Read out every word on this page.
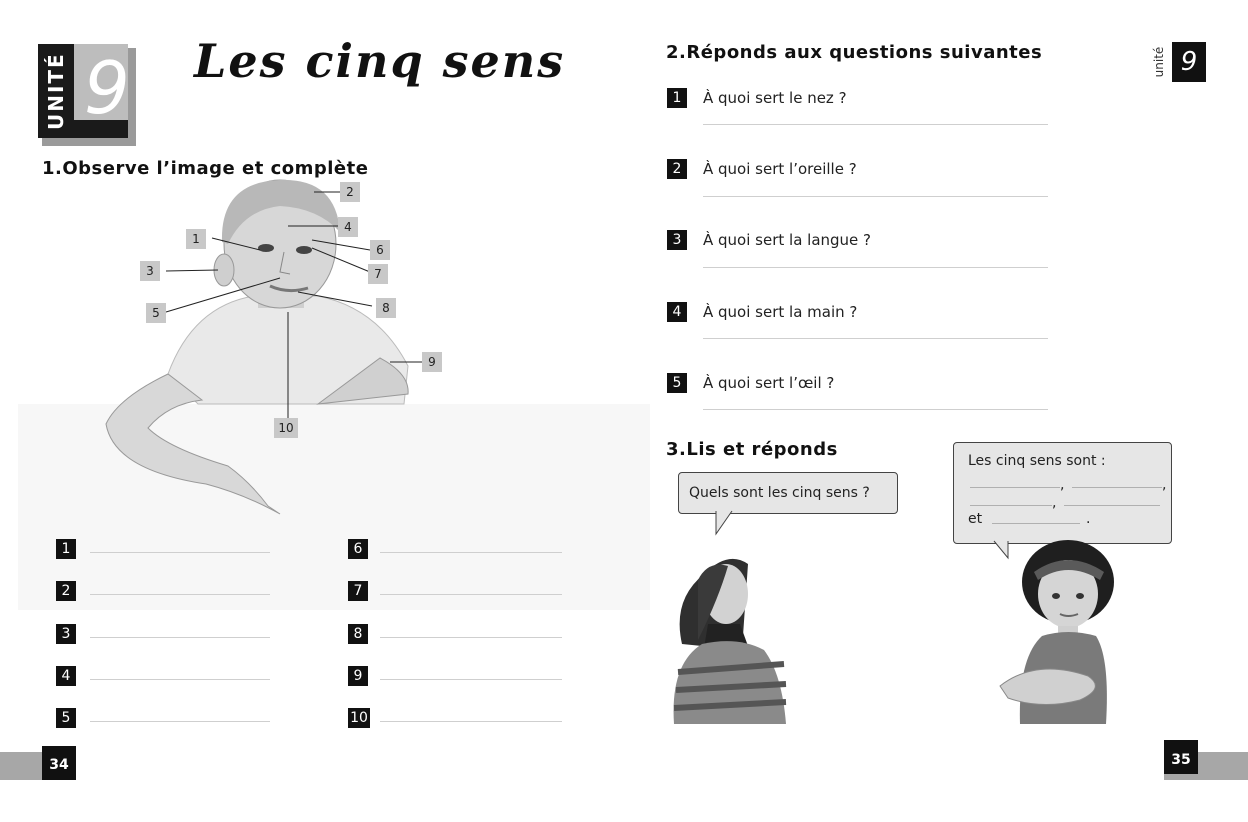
UNITÉ 9 Les cinq sens
1.Observe l’image et complète
1
2
3
4
5
6
7
8
9
10
1
2
3
4
5
6
7
8
9
10
2.Réponds aux questions suivantes
1	À quoi sert le nez ?
2	À quoi sert l’oreille ?
3	À quoi sert la langue ?
4	À quoi sert la main ?
5	À quoi sert l’œil ?
unité 9
3.Lis et réponds
Quels sont les cinq sens ?
Les cinq sens sont :
,	,
,
et	.
34	35
